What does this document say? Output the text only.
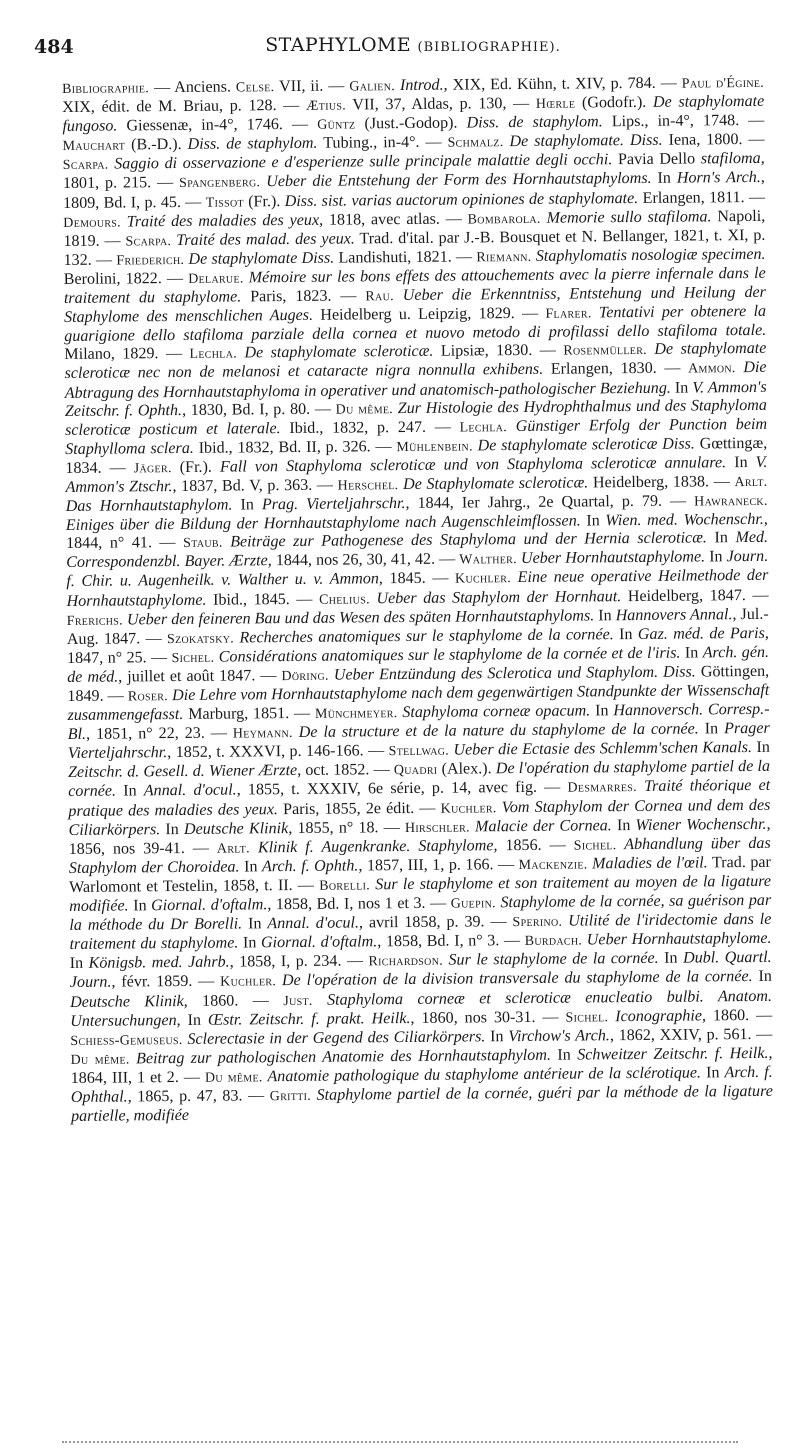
484	STAPHYLOME (BIBLIOGRAPHIE).

Bibliographie. — Anciens. Celse. VII, ii. — Galien. Introd., XIX, Ed. Kühn, t. XIV, p. 784. — Paul d'Égine. XIX, édit. de M. Briau, p. 128. — Ætius. VII, 37, Aldas, p. 130, — Hœrle (Godofr.). De staphylomate fungoso. Giessenæ, in-4°, 1746. — Güntz (Just.-Godop). Diss. de staphylom. Lips., in-4°, 1748. — Mauchart (B.-D.). Diss. de staphylom. Tubing., in-4°. — Schmalz. De staphylomate. Diss. Iena, 1800. — Scarpa. Saggio di osservazione e d'esperienze sulle principale malattie degli occhi. Pavia Dello stafiloma, 1801, p. 215. — Spangenberg. Ueber die Entstehung der Form des Hornhautstaphyloms. In Horn's Arch., 1809, Bd. I, p. 45. — Tissot (Fr.). Diss. sist. varias auctorum opiniones de staphylomate. Erlangen, 1811. — Demours. Traité des maladies des yeux, 1818, avec atlas. — Bombarola. Memorie sullo stafiloma. Napoli, 1819. — Scarpa. Traité des malad. des yeux. Trad. d'ital. par J.-B. Bousquet et N. Bellanger, 1821, t. XI, p. 132. — Friederich. De staphylomate Diss. Landishuti, 1821. — Riemann. Staphylomatis nosologiæ specimen. Berolini, 1822. — Delarue. Mémoire sur les bons effets des attouchements avec la pierre infernale dans le traitement du staphylome. Paris, 1823. — Rau. Ueber die Erkenntniss, Entstehung und Heilung der Staphylome des menschlichen Auges. Heidelberg u. Leipzig, 1829. — Flarer. Tentativi per obtenere la guarigione dello stafiloma parziale della cornea et nuovo metodo di profilassi dello stafiloma totale. Milano, 1829. — Lechla. De staphylomate scleroticæ. Lipsiæ, 1830. — Rosenmüller. De staphylomate scleroticæ nec non de melanosi et cataracte nigra nonnulla exhibens. Erlangen, 1830. — Ammon. Die Abtragung des Hornhautstaphyloma in operativer und anatomisch-pathologischer Beziehung. In V. Ammon's Zeitschr. f. Ophth., 1830, Bd. I, p. 80. — Du même. Zur Histologie des Hydrophthalmus und des Staphyloma scleroticæ posticum et laterale. Ibid., 1832, p. 247. — Lechla. Günstiger Erfolg der Punction beim Staphylloma sclera. Ibid., 1832, Bd. II, p. 326. — Mühlenbein. De staphylomate scleroticæ Diss. Gœttingæ, 1834. — Jäger. (Fr.). Fall von Staphyloma scleroticæ und von Staphyloma scleroticæ annulare. In V. Ammon's Ztschr., 1837, Bd. V, p. 363. — Herschel. De Staphylomate scleroticæ. Heidelberg, 1838. — Arlt. Das Hornhautstaphylom. In Prag. Vierteljahrschr., 1844, Ier Jahrg., 2e Quartal, p. 79. — Hawraneck. Einiges über die Bildung der Hornhautstaphylome nach Augenschleimflossen. In Wien. med. Wochenschr., 1844, n° 41. — Staub. Beiträge zur Pathogenese des Staphyloma und der Hernia scleroticæ. In Med. Correspondenzbl. Bayer. Ærzte, 1844, nos 26, 30, 41, 42. — Walther. Ueber Hornhautstaphylome. In Journ. f. Chir. u. Augenheilk. v. Walther u. v. Ammon, 1845. — Kuchler. Eine neue operative Heilmethode der Hornhautstaphylome. Ibid., 1845. — Chelius. Ueber das Staphylom der Hornhaut. Heidelberg, 1847. — Frerichs. Ueber den feineren Bau und das Wesen des späten Hornhautstaphyloms. In Hannovers Annal., Jul.-Aug. 1847. — Szokatsky. Recherches anatomiques sur le staphylome de la cornée. In Gaz. méd. de Paris, 1847, n° 25. — Sichel. Considérations anatomiques sur le staphylome de la cornée et de l'iris. In Arch. gén. de méd., juillet et août 1847. — Döring. Ueber Entzündung des Sclerotica und Staphylom. Diss. Göttingen, 1849. — Roser. Die Lehre vom Hornhautstaphylome nach dem gegenwärtigen Standpunkte der Wissenschaft zusammengefasst. Marburg, 1851. — Münchmeyer. Staphyloma corneæ opacum. In Hannoversch. Corresp.-Bl., 1851, n° 22, 23. — Heymann. De la structure et de la nature du staphylome de la cornée. In Prager Vierteljahrschr., 1852, t. XXXVI, p. 146-166. — Stellwag. Ueber die Ectasie des Schlemm'schen Kanals. In Zeitschr. d. Gesell. d. Wiener Ærzte, oct. 1852. — Quadri (Alex.). De l'opération du staphylome partiel de la cornée. In Annal. d'ocul., 1855, t. XXXIV, 6e série, p. 14, avec fig. — Desmarres. Traité théorique et pratique des maladies des yeux. Paris, 1855, 2e édit. — Kuchler. Vom Staphylom der Cornea und dem des Ciliarkörpers. In Deutsche Klinik, 1855, n° 18. — Hirschler. Malacie der Cornea. In Wiener Wochenschr., 1856, nos 39-41. — Arlt. Klinik f. Augenkranke. Staphylome, 1856. — Sichel. Abhandlung über das Staphylom der Choroidea. In Arch. f. Ophth., 1857, III, 1, p. 166. — Mackenzie. Maladies de l'œil. Trad. par Warlomont et Testelin, 1858, t. II. — Borelli. Sur le staphylome et son traitement au moyen de la ligature modifiée. In Giornal. d'oftalm., 1858, Bd. I, nos 1 et 3. — Guepin. Staphylome de la cornée, sa guérison par la méthode du Dr Borelli. In Annal. d'ocul., avril 1858, p. 39. — Sperino. Utilité de l'iridectomie dans le traitement du staphylome. In Giornal. d'oftalm., 1858, Bd. I, n° 3. — Burdach. Ueber Hornhautstaphylome. In Königsb. med. Jahrb., 1858, I, p. 234. — Richardson. Sur le staphylome de la cornée. In Dubl. Quartl. Journ., févr. 1859. — Kuchler. De l'opération de la division transversale du staphylome de la cornée. In Deutsche Klinik, 1860. — Just. Staphyloma corneæ et scleroticæ enucleatio bulbi. Anatom. Untersuchungen, In Œstr. Zeitschr. f. prakt. Heilk., 1860, nos 30-31. — Sichel. Iconographie, 1860. — Schiess-Gemuseus. Sclerectasie in der Gegend des Ciliarkörpers. In Virchow's Arch., 1862, XXIV, p. 561. — Du même. Beitrag zur pathologischen Anatomie des Hornhautstaphylom. In Schweitzer Zeitschr. f. Heilk., 1864, III, 1 et 2. — Du même. Anatomie pathologique du staphylome antérieur de la sclérotique. In Arch. f. Ophthal., 1865, p. 47, 83. — Gritti. Staphylome partiel de la cornée, guéri par la méthode de la ligature partielle, modifiée
